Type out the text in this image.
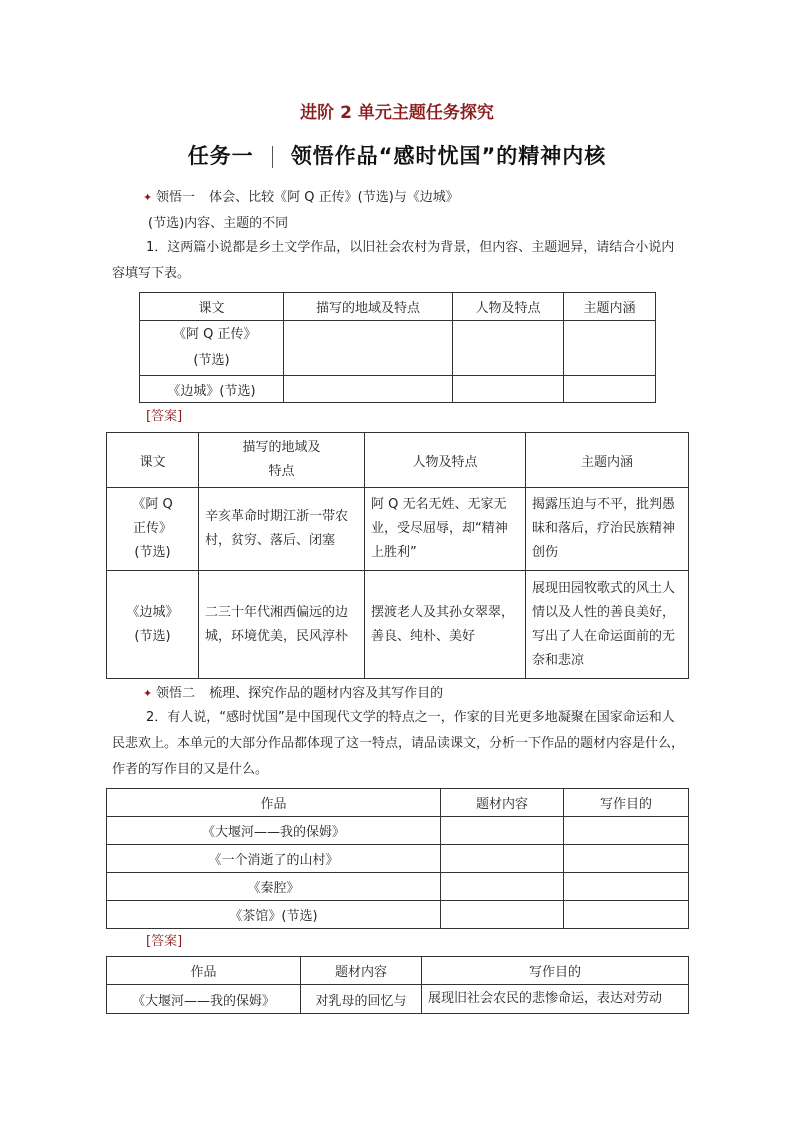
进阶 2 单元主题任务探究
任务一 领悟作品“感时忧国”的精神内核
✦ 领悟一 体会、比较《阿 Q 正传》(节选)与《边城》
(节选)内容、主题的不同
1．这两篇小说都是乡土文学作品，以旧社会农村为背景，但内容、主题迥异，请结合小说内容填写下表。
课文	描写的地域及特点	人物及特点	主题内涵
《阿 Q 正传》(节选)			
《边城》(节选)			
[答案]
课文	描写的地域及特点	人物及特点	主题内涵
《阿 Q 正传》(节选)	辛亥革命时期江浙一带农村，贫穷、落后、闭塞	阿 Q 无名无姓、无家无业，受尽屈辱，却“精神上胜利”	揭露压迫与不平，批判愚昧和落后，疗治民族精神创伤
《边城》(节选)	二三十年代湘西偏远的边城，环境优美，民风淳朴	摆渡老人及其孙女翠翠，善良、纯朴、美好	展现田园牧歌式的风土人情以及人性的善良美好，写出了人在命运面前的无奈和悲凉
✦ 领悟二 梳理、探究作品的题材内容及其写作目的
2．有人说，“感时忧国”是中国现代文学的特点之一，作家的目光更多地凝聚在国家命运和人民悲欢上。本单元的大部分作品都体现了这一特点，请品读课文，分析一下作品的题材内容是什么，作者的写作目的又是什么。
作品	题材内容	写作目的
《大堰河——我的保姆》		
《一个消逝了的山村》		
《秦腔》		
《茶馆》(节选)		
[答案]
作品	题材内容	写作目的
《大堰河——我的保姆》	对乳母的回忆与	展现旧社会农民的悲惨命运，表达对劳动
